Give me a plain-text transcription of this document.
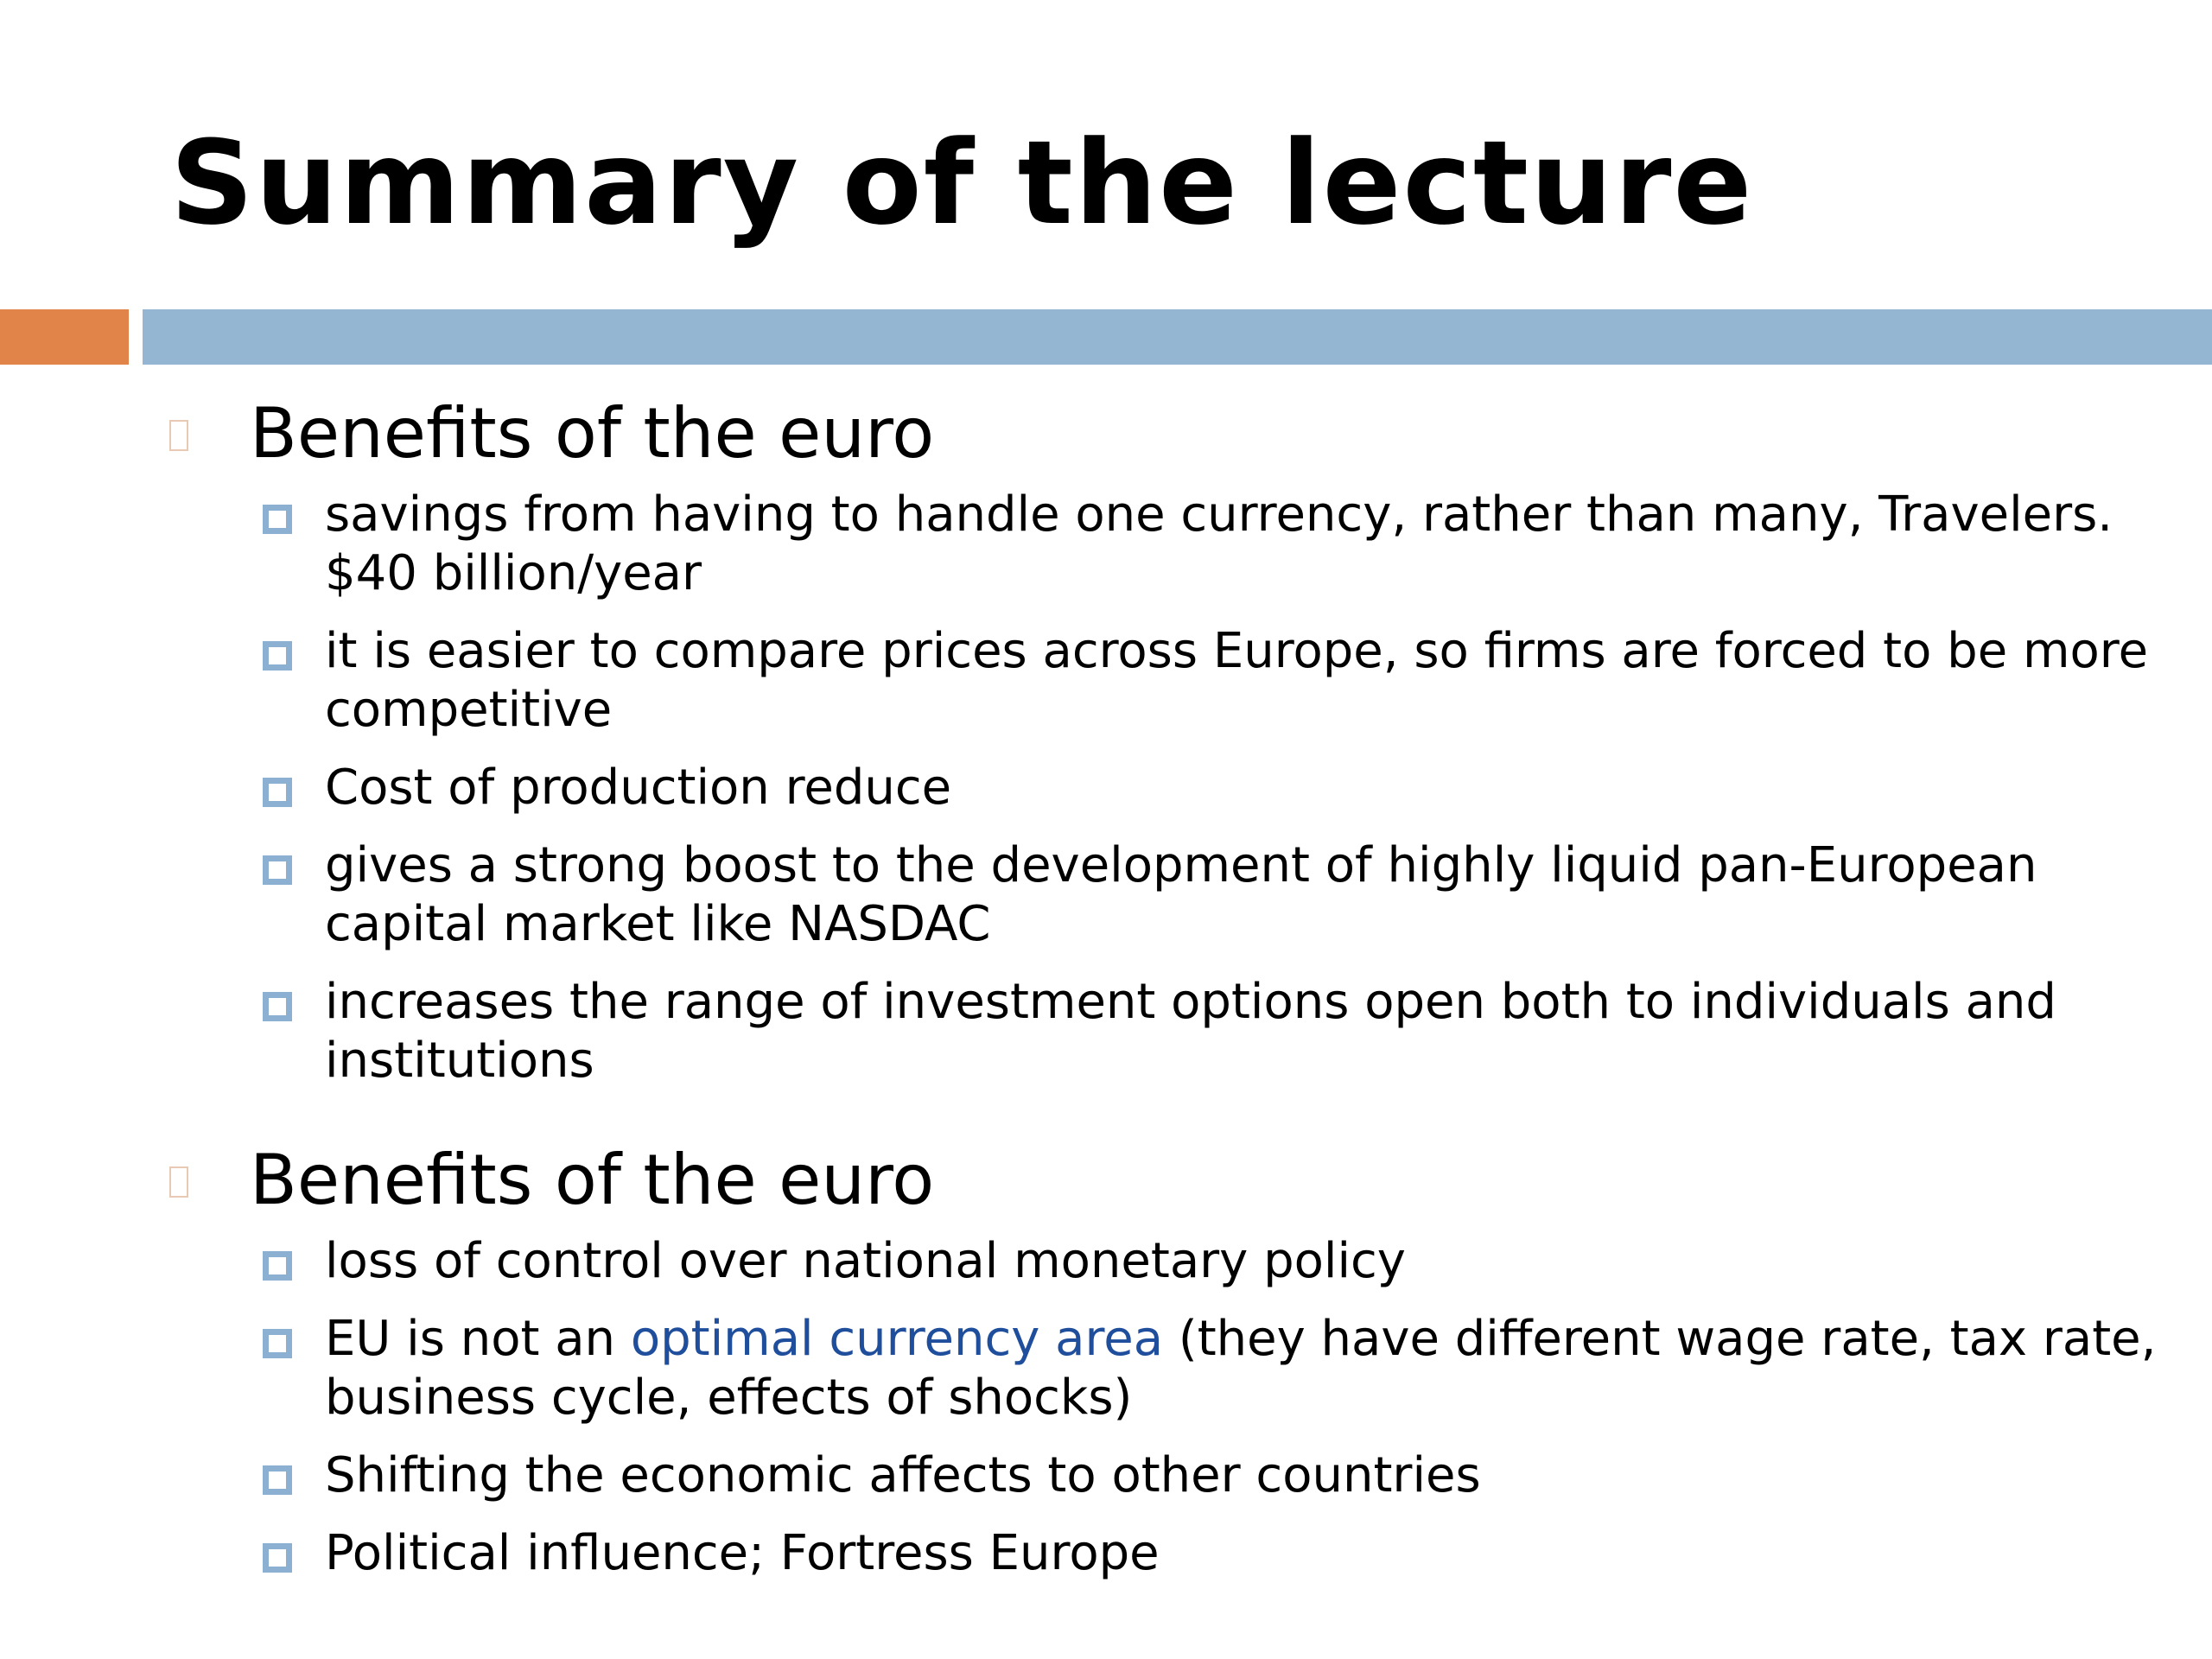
Summary of the lecture
Benefits of the euro
savings from having to handle one currency, rather than many, Travelers. $40 billion/year
it is easier to compare prices across Europe, so firms are forced to be more competitive
Cost of production reduce
gives a strong boost to the development of highly liquid pan-European capital market like NASDAC
increases the range of investment options open both to individuals and institutions
Benefits of the euro
loss of control over national monetary policy
EU is not an optimal currency area (they have different wage rate, tax rate, business cycle, effects of shocks)
Shifting the economic affects to other countries
Political influence; Fortress Europe
